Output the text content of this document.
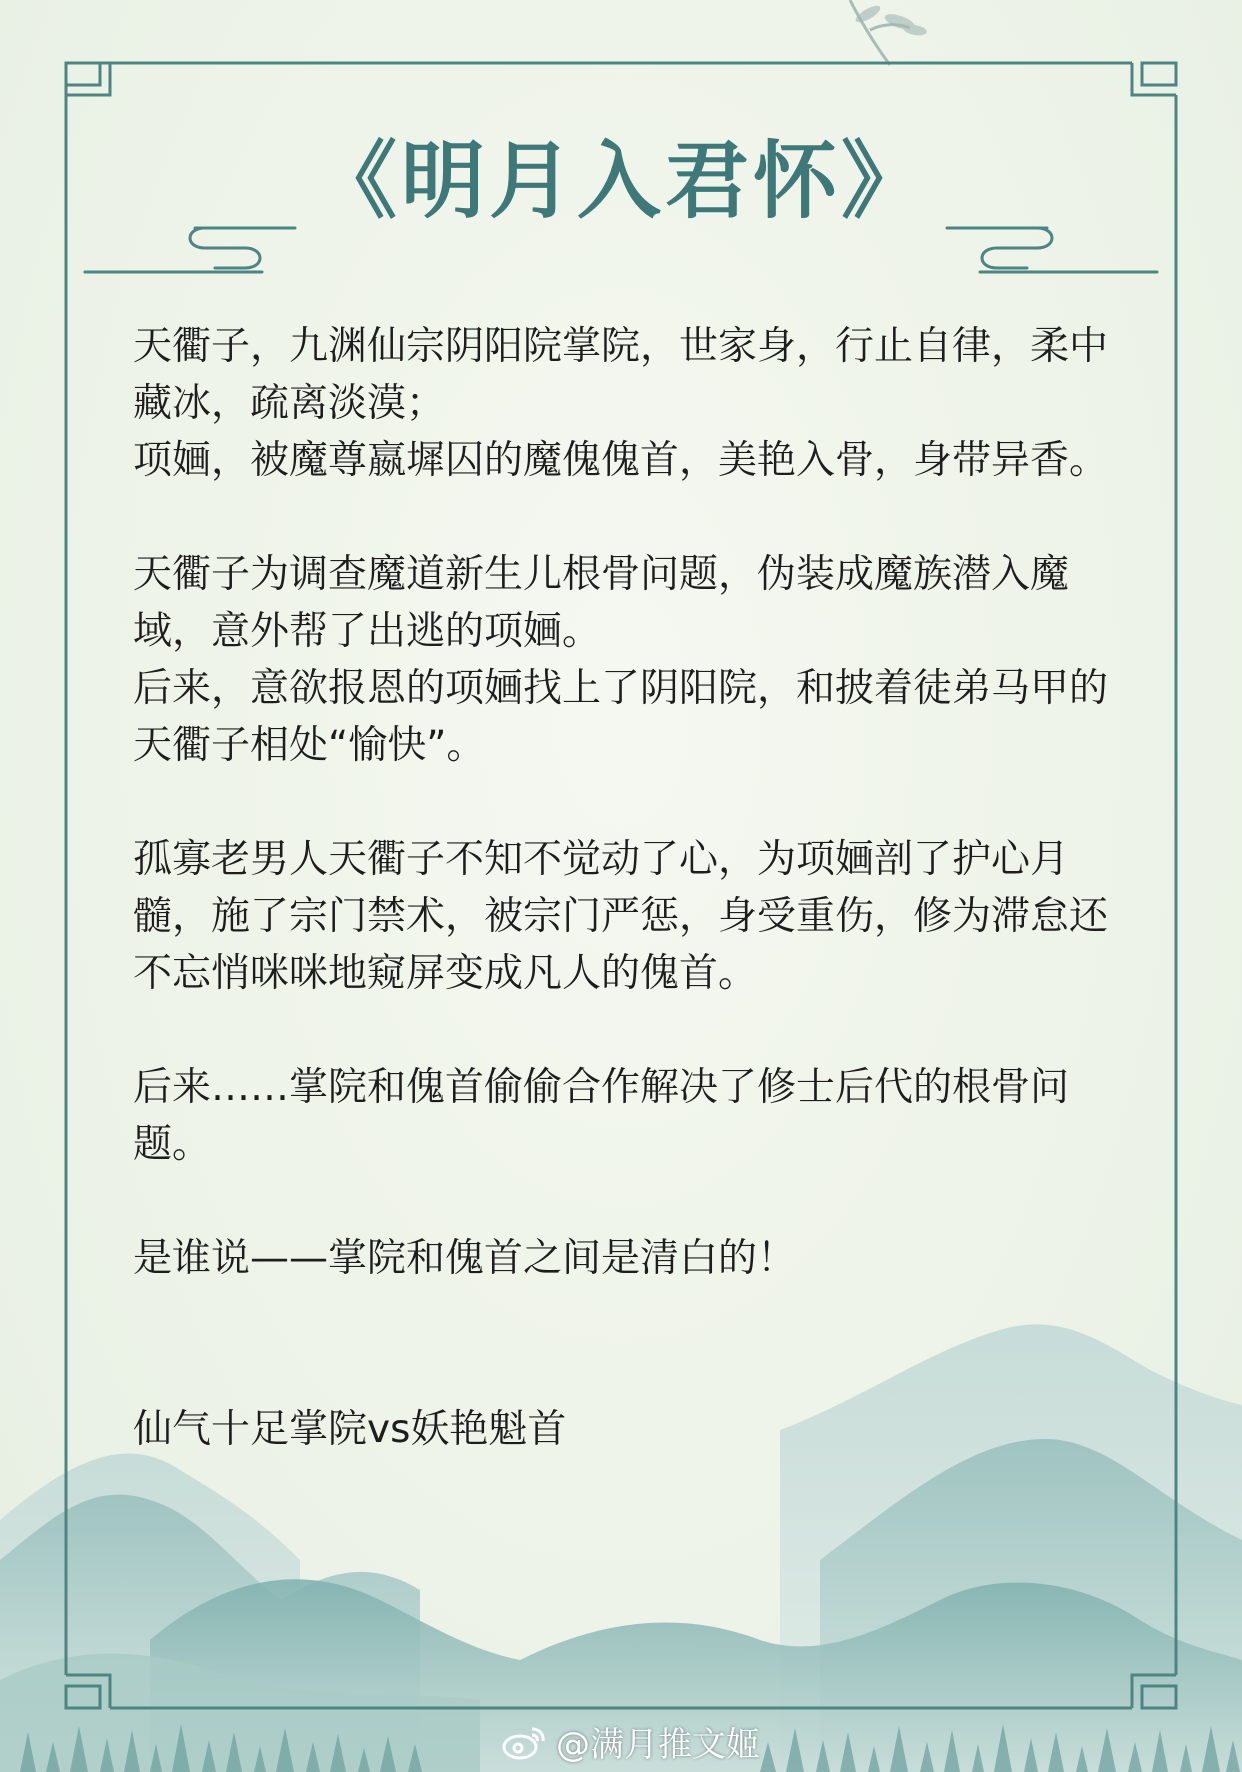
《明月入君怀》

天衢子，九渊仙宗阴阳院掌院，世家身，行止自律，柔中藏冰，疏离淡漠；

项婳，被魔尊嬴墀囚的魔傀傀首，美艳入骨，身带异香。

天衢子为调查魔道新生儿根骨问题，伪装成魔族潜入魔域，意外帮了出逃的项婳。

后来，意欲报恩的项婳找上了阴阳院，和披着徒弟马甲的天衢子相处“愉快”。

孤寡老男人天衢子不知不觉动了心，为项婳剖了护心月髓，施了宗门禁术，被宗门严惩，身受重伤，修为滞怠还不忘悄咪咪地窥屏变成凡人的傀首。

后来……掌院和傀首偷偷合作解决了修士后代的根骨问题。

是谁说——掌院和傀首之间是清白的！

仙气十足掌院vs妖艳魁首

@满月推文姬
